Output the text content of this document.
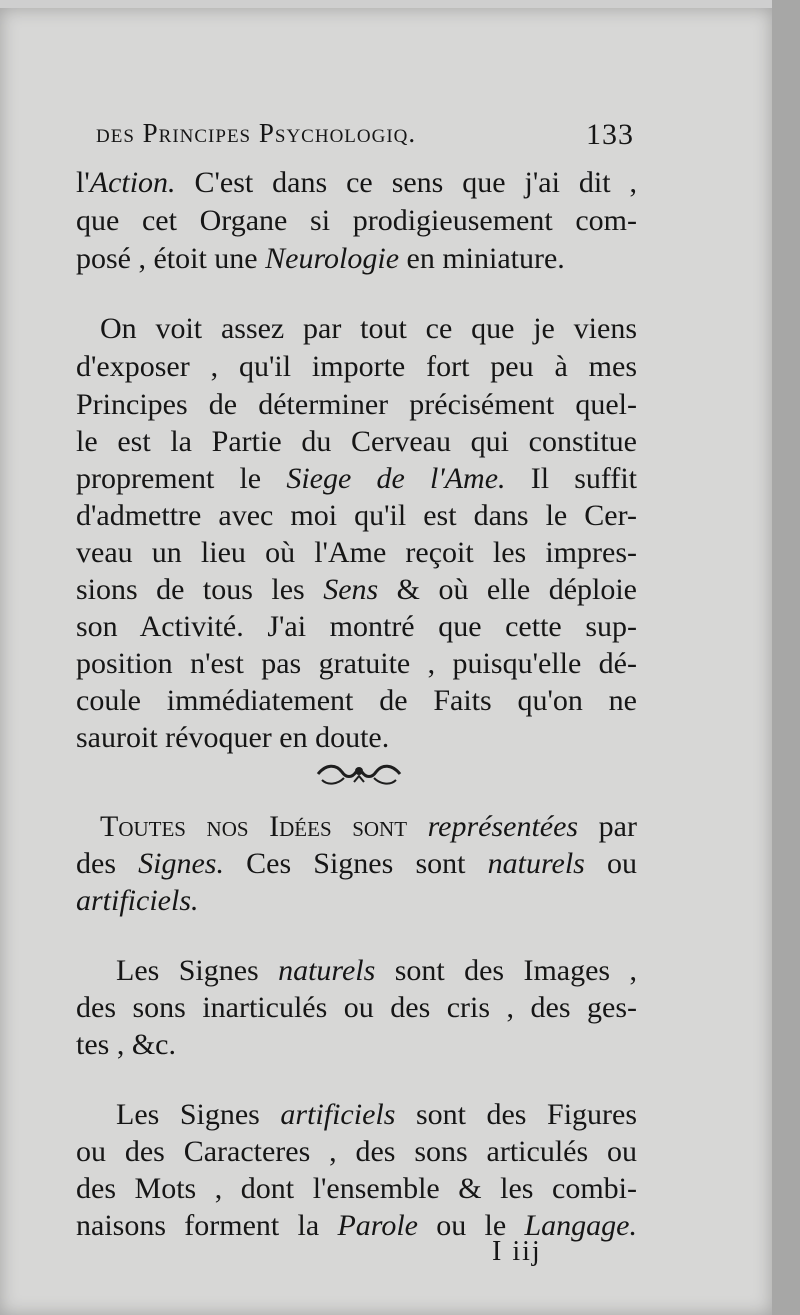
des Principes Psychologiq.	133
l'Action. C'est dans ce sens que j'ai dit ,
que cet Organe si prodigieusement com-
posé , étoit une Neurologie en miniature.
On voit assez par tout ce que je viens
d'exposer , qu'il importe fort peu à mes
Principes de déterminer précisément quel-
le est la Partie du Cerveau qui constitue
proprement le Siege de l'Ame. Il suffit
d'admettre avec moi qu'il est dans le Cer-
veau un lieu où l'Ame reçoit les impres-
sions de tous les Sens & où elle déploie
son Activité. J'ai montré que cette sup-
position n'est pas gratuite , puisqu'elle dé-
coule immédiatement de Faits qu'on ne
sauroit révoquer en doute.
Toutes nos Idées sont représentées par
des Signes. Ces Signes sont naturels ou
artificiels.
Les Signes naturels sont des Images ,
des sons inarticulés ou des cris , des ges-
tes , &c.
Les Signes artificiels sont des Figures
ou des Caracteres , des sons articulés ou
des Mots , dont l'ensemble & les combi-
naisons forment la Parole ou le Langage.
I iij
